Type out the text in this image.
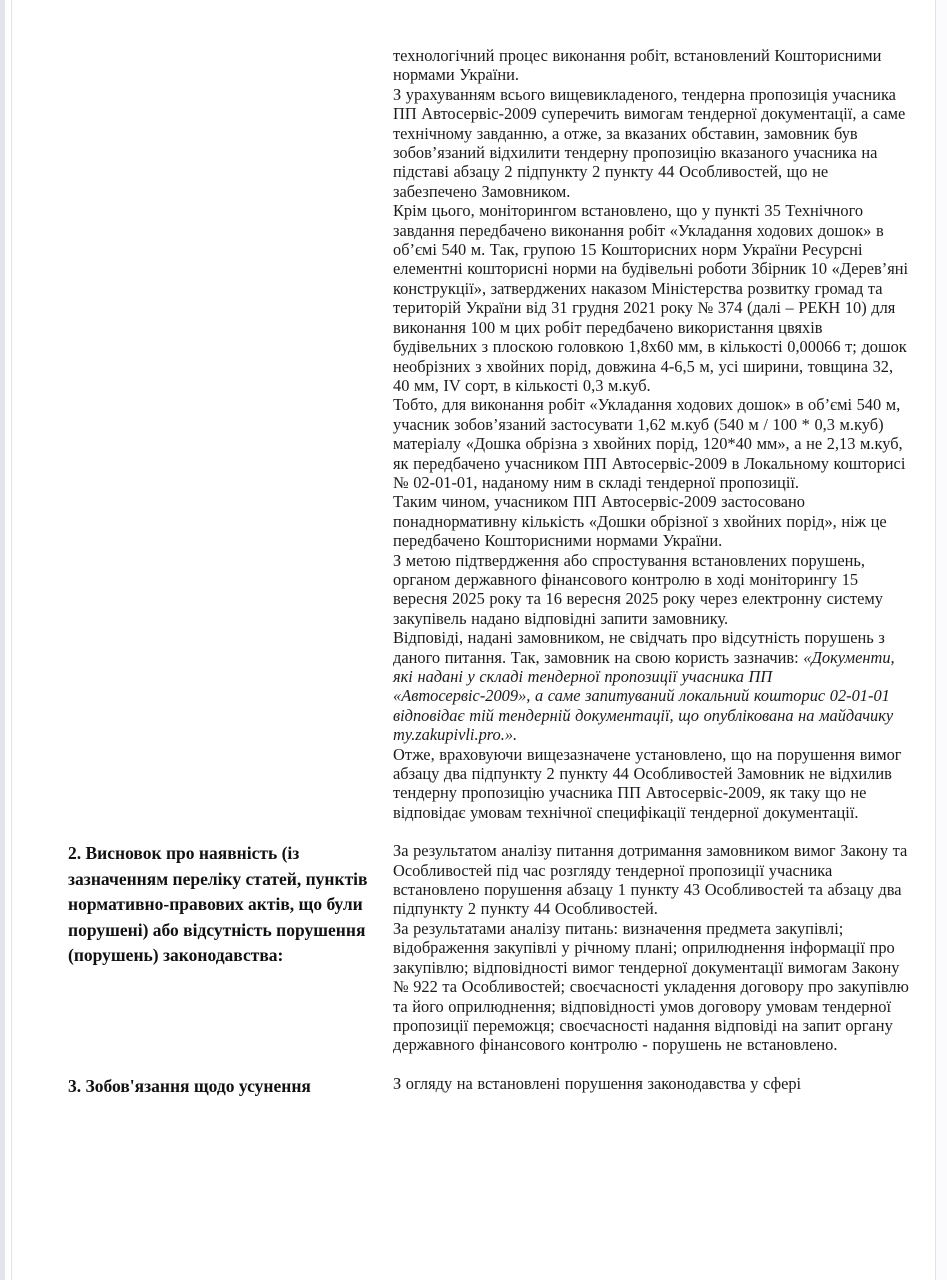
технологічний процес виконання робіт, встановлений Кошторисними нормами України.

З урахуванням всього вищевикладеного, тендерна пропозиція учасника ПП Автосервіс-2009 суперечить вимогам тендерної документації, а саме технічному завданню, а отже, за вказаних обставин, замовник був зобов’язаний відхилити тендерну пропозицію вказаного учасника на підставі абзацу 2 підпункту 2 пункту 44 Особливостей, що не забезпечено Замовником.

Крім цього, моніторингом встановлено, що у пункті 35 Технічного завдання передбачено виконання робіт «Укладання ходових дошок» в об’ємі 540 м. Так, групою 15 Кошторисних норм України Ресурсні елементні кошторисні норми на будівельні роботи Збірник 10 «Дерев’яні конструкції», затверджених наказом Міністерства розвитку громад та територій України від 31 грудня 2021 року № 374 (далі – РЕКН 10) для виконання 100 м цих робіт передбачено використання цвяхів будівельних з плоскою головкою 1,8х60 мм, в кількості 0,00066 т; дошок необрізних з хвойних порід, довжина 4-6,5 м, усі ширини, товщина 32, 40 мм, IV сорт, в кількості 0,3 м.куб.

Тобто, для виконання робіт «Укладання ходових дошок» в об’ємі 540 м, учасник зобов’язаний застосувати 1,62 м.куб (540 м / 100 * 0,3 м.куб) матеріалу «Дошка обрізна з хвойних порід, 120*40 мм», а не 2,13 м.куб, як передбачено учасником ПП Автосервіс-2009 в Локальному кошторисі № 02-01-01, наданому ним в складі тендерної пропозиції.

Таким чином, учасником ПП Автосервіс-2009 застосовано понаднормативну кількість «Дошки обрізної з хвойних порід», ніж це передбачено Кошторисними нормами України.

З метою підтвердження або спростування встановлених порушень, органом державного фінансового контролю в ході моніторингу 15 вересня 2025 року та 16 вересня 2025 року через електронну систему закупівель надано відповідні запити замовнику.

Відповіді, надані замовником, не свідчать про відсутність порушень з даного питання. Так, замовник на свою користь зазначив: «Документи, які надані у складі тендерної пропозиції учасника ПП «Автосервіс-2009», а саме запитуваний локальний кошторис 02-01-01 відповідає тій тендерній документації, що опублікована на майдачику my.zakupivli.pro.».

Отже, враховуючи вищезазначене установлено, що на порушення вимог абзацу два підпункту 2 пункту 44 Особливостей Замовник не відхилив тендерну пропозицію учасника ПП Автосервіс-2009, як таку що не відповідає умовам технічної специфікації тендерної документації.

2. Висновок про наявність (із зазначенням переліку статей, пунктів нормативно-правових актів, що були порушені) або відсутність порушення (порушень) законодавства:

За результатом аналізу питання дотримання замовником вимог Закону та Особливостей під час розгляду тендерної пропозиції учасника встановлено порушення абзацу 1 пункту 43 Особливостей та абзацу два підпункту 2 пункту 44 Особливостей.

За результатами аналізу питань: визначення предмета закупівлі; відображення закупівлі у річному плані; оприлюднення інформації про закупівлю; відповідності вимог тендерної документації вимогам Закону № 922 та Особливостей; своєчасності укладення договору про закупівлю та його оприлюднення; відповідності умов договору умовам тендерної пропозиції переможця; своєчасності надання відповіді на запит органу державного фінансового контролю - порушень не встановлено.

3. Зобов'язання щодо усунення	З огляду на встановлені порушення законодавства у сфері
